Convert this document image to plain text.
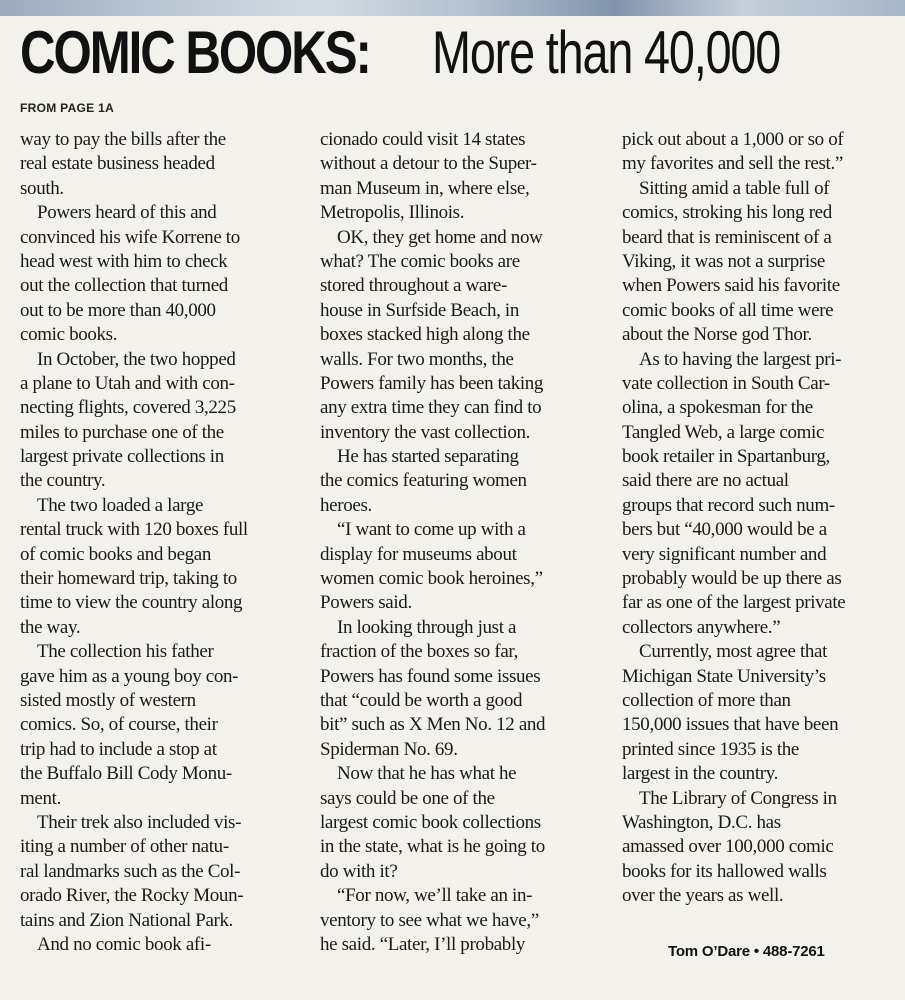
COMIC BOOKS: More than 40,000
FROM PAGE 1A
way to pay the bills after the
real estate business headed
south.
Powers heard of this and
convinced his wife Korrene to
head west with him to check
out the collection that turned
out to be more than 40,000
comic books.
In October, the two hopped
a plane to Utah and with con-
necting flights, covered 3,225
miles to purchase one of the
largest private collections in
the country.
The two loaded a large
rental truck with 120 boxes full
of comic books and began
their homeward trip, taking to
time to view the country along
the way.
The collection his father
gave him as a young boy con-
sisted mostly of western
comics. So, of course, their
trip had to include a stop at
the Buffalo Bill Cody Monu-
ment.
Their trek also included vis-
iting a number of other natu-
ral landmarks such as the Col-
orado River, the Rocky Moun-
tains and Zion National Park.
And no comic book afi-
cionado could visit 14 states
without a detour to the Super-
man Museum in, where else,
Metropolis, Illinois.
OK, they get home and now
what? The comic books are
stored throughout a ware-
house in Surfside Beach, in
boxes stacked high along the
walls. For two months, the
Powers family has been taking
any extra time they can find to
inventory the vast collection.
He has started separating
the comics featuring women
heroes.
“I want to come up with a
display for museums about
women comic book heroines,”
Powers said.
In looking through just a
fraction of the boxes so far,
Powers has found some issues
that “could be worth a good
bit” such as X Men No. 12 and
Spiderman No. 69.
Now that he has what he
says could be one of the
largest comic book collections
in the state, what is he going to
do with it?
“For now, we’ll take an in-
ventory to see what we have,”
he said. “Later, I’ll probably
pick out about a 1,000 or so of
my favorites and sell the rest.”
Sitting amid a table full of
comics, stroking his long red
beard that is reminiscent of a
Viking, it was not a surprise
when Powers said his favorite
comic books of all time were
about the Norse god Thor.
As to having the largest pri-
vate collection in South Car-
olina, a spokesman for the
Tangled Web, a large comic
book retailer in Spartanburg,
said there are no actual
groups that record such num-
bers but “40,000 would be a
very significant number and
probably would be up there as
far as one of the largest private
collectors anywhere.”
Currently, most agree that
Michigan State University’s
collection of more than
150,000 issues that have been
printed since 1935 is the
largest in the country.
The Library of Congress in
Washington, D.C. has
amassed over 100,000 comic
books for its hallowed walls
over the years as well.
Tom O’Dare • 488-7261
